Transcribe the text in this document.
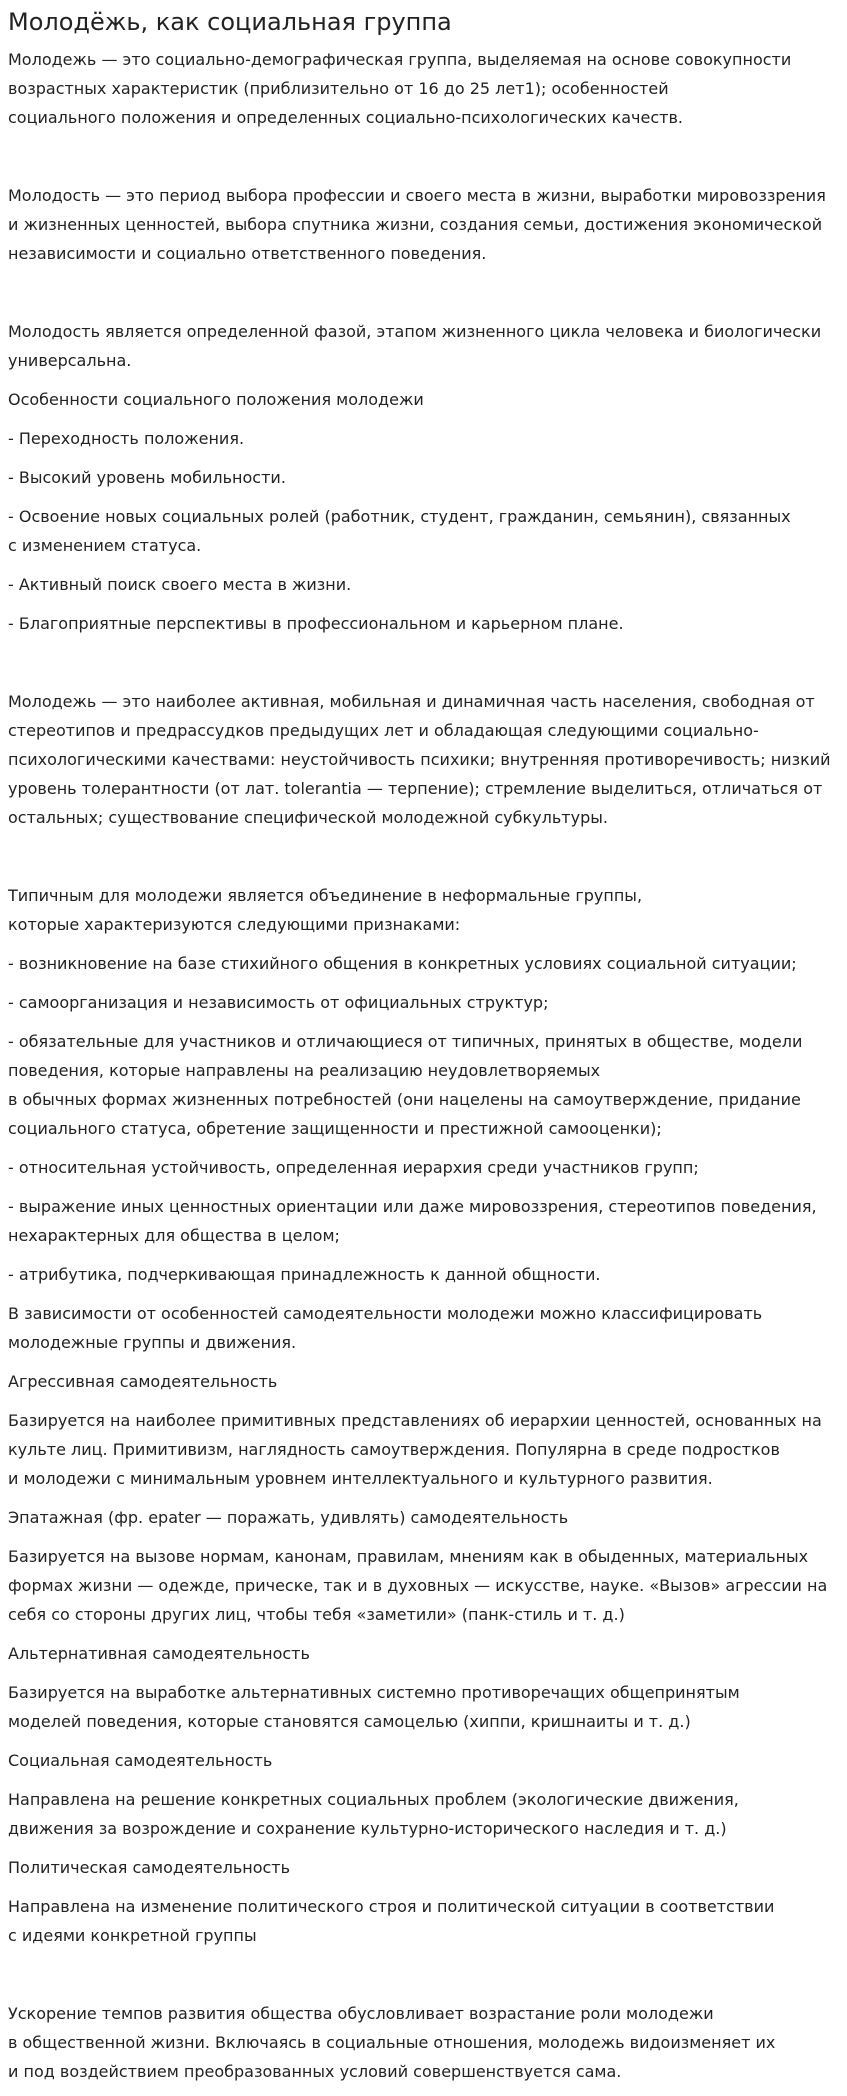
Молодёжь, как социальная группа

Молодежь — это социально-демографическая группа, выделяемая на основе совокупности
возрастных характеристик (приблизительно от 16 до 25 лет1); особенностей
социального положения и определенных социально-психологических качеств.

Молодость — это период выбора профессии и своего места в жизни, выработки мировоззрения
и жизненных ценностей, выбора спутника жизни, создания семьи, достижения экономической
независимости и социально ответственного поведения.

Молодость является определенной фазой, этапом жизненного цикла человека и биологически
универсальна.

Особенности социального положения молодежи

- Переходность положения.

- Высокий уровень мобильности.

- Освоение новых социальных ролей (работник, студент, гражданин, семьянин), связанных
с изменением статуса.

- Активный поиск своего места в жизни.

- Благоприятные перспективы в профессиональном и карьерном плане.

Молодежь — это наиболее активная, мобильная и динамичная часть населения, свободная от
стереотипов и предрассудков предыдущих лет и обладающая следующими социально-
психологическими качествами: неустойчивость психики; внутренняя противоречивость; низкий
уровень толерантности (от лат. tolerantia — терпение); стремление выделиться, отличаться от
остальных; существование специфической молодежной субкультуры.

Типичным для молодежи является объединение в неформальные группы,
которые характеризуются следующими признаками:

- возникновение на базе стихийного общения в конкретных условиях социальной ситуации;

- самоорганизация и независимость от официальных структур;

- обязательные для участников и отличающиеся от типичных, принятых в обществе, модели
поведения, которые направлены на реализацию неудовлетворяемых
в обычных формах жизненных потребностей (они нацелены на самоутверждение, придание
социального статуса, обретение защищенности и престижной самооценки);

- относительная устойчивость, определенная иерархия среди участников групп;

- выражение иных ценностных ориентации или даже мировоззрения, стереотипов поведения,
нехарактерных для общества в целом;

- атрибутика, подчеркивающая принадлежность к данной общности.

В зависимости от особенностей самодеятельности молодежи можно классифицировать
молодежные группы и движения.

Агрессивная самодеятельность

Базируется на наиболее примитивных представлениях об иерархии ценностей, основанных на
культе лиц. Примитивизм, наглядность самоутверждения. Популярна в среде подростков
и молодежи с минимальным уровнем интеллектуального и культурного развития.

Эпатажная (фр. epater — поражать, удивлять) самодеятельность

Базируется на вызове нормам, канонам, правилам, мнениям как в обыденных, материальных
формах жизни — одежде, прическе, так и в духовных — искусстве, науке. «Вызов» агрессии на
себя со стороны других лиц, чтобы тебя «заметили» (панк-стиль и т. д.)

Альтернативная самодеятельность

Базируется на выработке альтернативных системно противоречащих общепринятым
моделей поведения, которые становятся самоцелью (хиппи, кришнаиты и т. д.)

Социальная самодеятельность

Направлена на решение конкретных социальных проблем (экологические движения,
движения за возрождение и сохранение культурно-исторического наследия и т. д.)

Политическая самодеятельность

Направлена на изменение политического строя и политической ситуации в соответствии
с идеями конкретной группы

Ускорение темпов развития общества обусловливает возрастание роли молодежи
в общественной жизни. Включаясь в социальные отношения, молодежь видоизменяет их
и под воздействием преобразованных условий совершенствуется сама.
